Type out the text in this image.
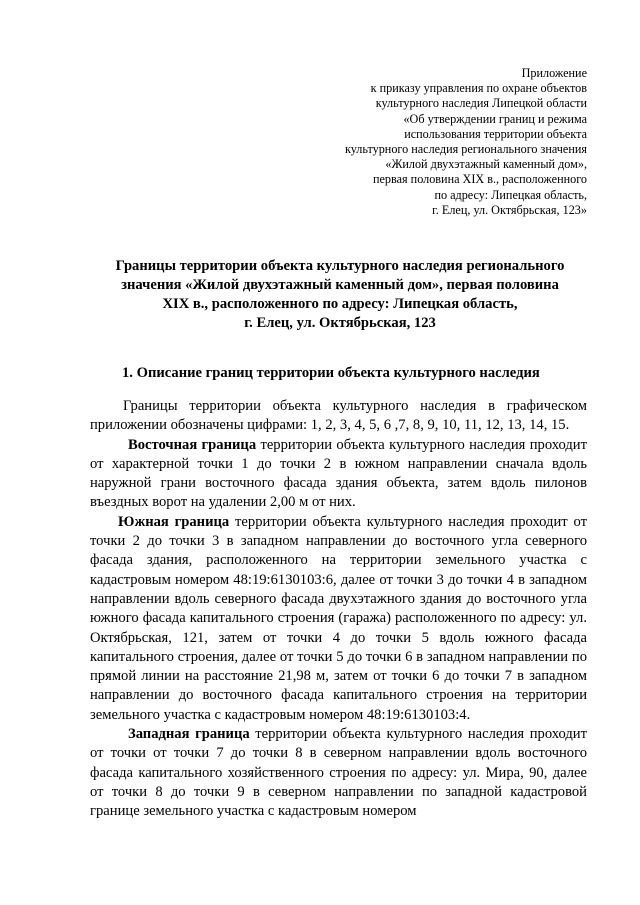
Приложение
к приказу управления по охране объектов
культурного наследия Липецкой области
«Об утверждении границ и режима
использования территории объекта
культурного наследия регионального значения
«Жилой двухэтажный каменный дом»,
первая половина XIX в., расположенного
по адресу: Липецкая область,
г. Елец, ул. Октябрьская, 123»
Границы территории объекта культурного наследия регионального
значения «Жилой двухэтажный каменный дом», первая половина
XIX в., расположенного по адресу: Липецкая область,
г. Елец, ул. Октябрьская, 123
1. Описание границ территории объекта культурного наследия

Границы территории объекта культурного наследия в графическом приложении обозначены цифрами: 1, 2, 3, 4, 5, 6 ,7, 8, 9, 10, 11, 12, 13, 14, 15.

Восточная граница территории объекта культурного наследия проходит от характерной точки 1 до точки 2 в южном направлении сначала вдоль наружной грани восточного фасада здания объекта, затем вдоль пилонов въездных ворот на удалении 2,00 м от них.

Южная граница территории объекта культурного наследия проходит от точки 2 до точки 3 в западном направлении до восточного угла северного фасада здания, расположенного на территории земельного участка с кадастровым номером 48:19:6130103:6, далее от точки 3 до точки 4 в западном направлении вдоль северного фасада двухэтажного здания до восточного угла южного фасада капитального строения (гаража) расположенного по адресу: ул. Октябрьская, 121, затем от точки 4 до точки 5 вдоль южного фасада капитального строения, далее от точки 5 до точки 6 в западном направлении по прямой линии на расстояние 21,98 м, затем от точки 6 до точки 7 в западном направлении до восточного фасада капитального строения на территории земельного участка с кадастровым номером 48:19:6130103:4.

Западная граница территории объекта культурного наследия проходит от точки от точки 7 до точки 8 в северном направлении вдоль восточного фасада капитального хозяйственного строения по адресу: ул. Мира, 90, далее от точки 8 до точки 9 в северном направлении по западной кадастровой границе земельного участка с кадастровым номером
